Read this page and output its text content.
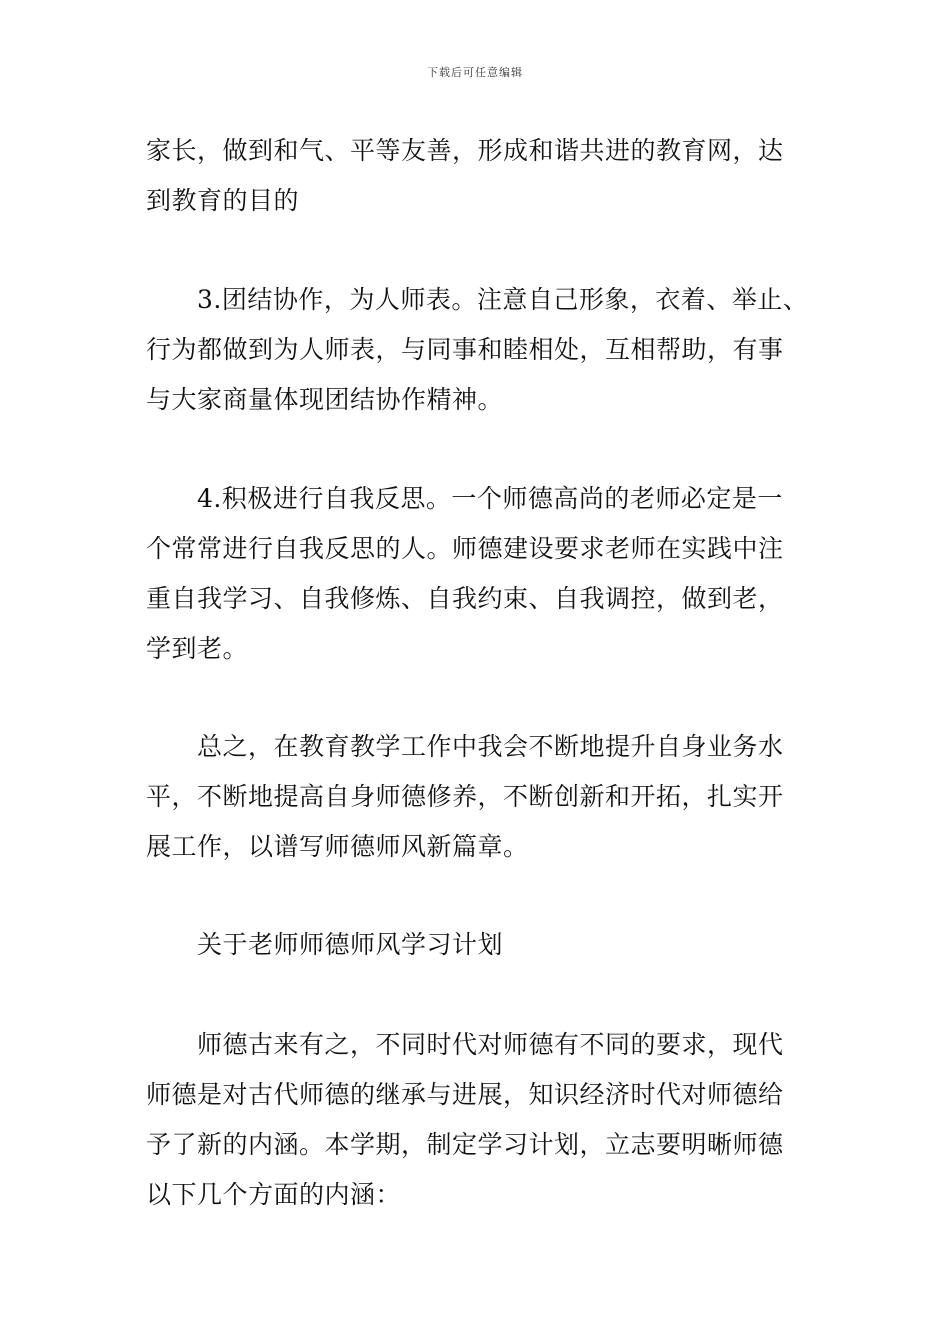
下载后可任意编辑
家长，做到和气、平等友善，形成和谐共进的教育网，达
到教育的目的
3.团结协作，为人师表。注意自己形象，衣着、举止、
行为都做到为人师表，与同事和睦相处，互相帮助，有事
与大家商量体现团结协作精神。
4.积极进行自我反思。一个师德高尚的老师必定是一
个常常进行自我反思的人。师德建设要求老师在实践中注
重自我学习、自我修炼、自我约束、自我调控，做到老，
学到老。
总之，在教育教学工作中我会不断地提升自身业务水
平，不断地提高自身师德修养，不断创新和开拓，扎实开
展工作，以谱写师德师风新篇章。
关于老师师德师风学习计划
师德古来有之，不同时代对师德有不同的要求，现代
师德是对古代师德的继承与进展，知识经济时代对师德给
予了新的内涵。本学期，制定学习计划，立志要明晰师德
以下几个方面的内涵：
